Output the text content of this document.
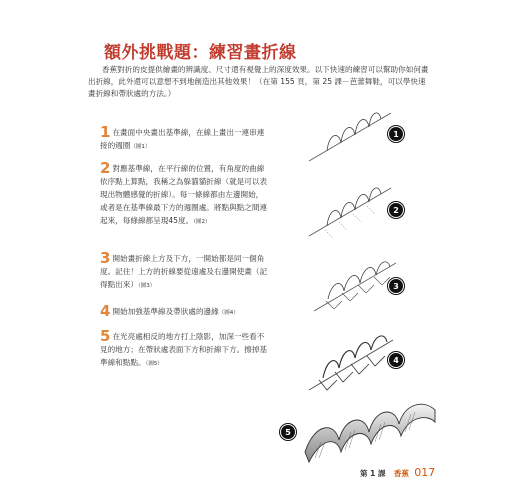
額外挑戰題：練習畫折線

香蕉對折的皮提供繪畫的辨識度、尺寸還有視覺上的深度效果。以下快速的練習可以幫助你如何畫出折線，此外還可以意想不到地創造出其他效果！（在第 155 頁，第 25 課－芭蕾舞鞋，可以學快速畫折線和帶狀處的方法。）

1 在畫面中央畫出基準線，在線上畫出一連串連接的週圈（圖1）
2 對應基準線，在平行線的位置，有角度的曲線依序點上算點，我稱之為躲貓貓折線（就是可以表現出物體感覺的折線）。每一條線都由左邊開始，或者是在基準線最下方的週圈處。將點與點之間連起來，每條線都呈現45度。（圖2）
3 開始畫折線上方及下方，一開始都是同一個角度。記住！上方的折線要從遠處及右邊開使畫（記得點出來）（圖3）
4 開始加強基準線及帶狀處的邊緣（圖4）
5 在光亮處相反的地方打上陰影，加深一些看不見的地方；在帶狀處表面下方和折線下方。擦掉基準線和點點。（圖5）
1
2
3
4
5
第 1 課 香蕉 017
